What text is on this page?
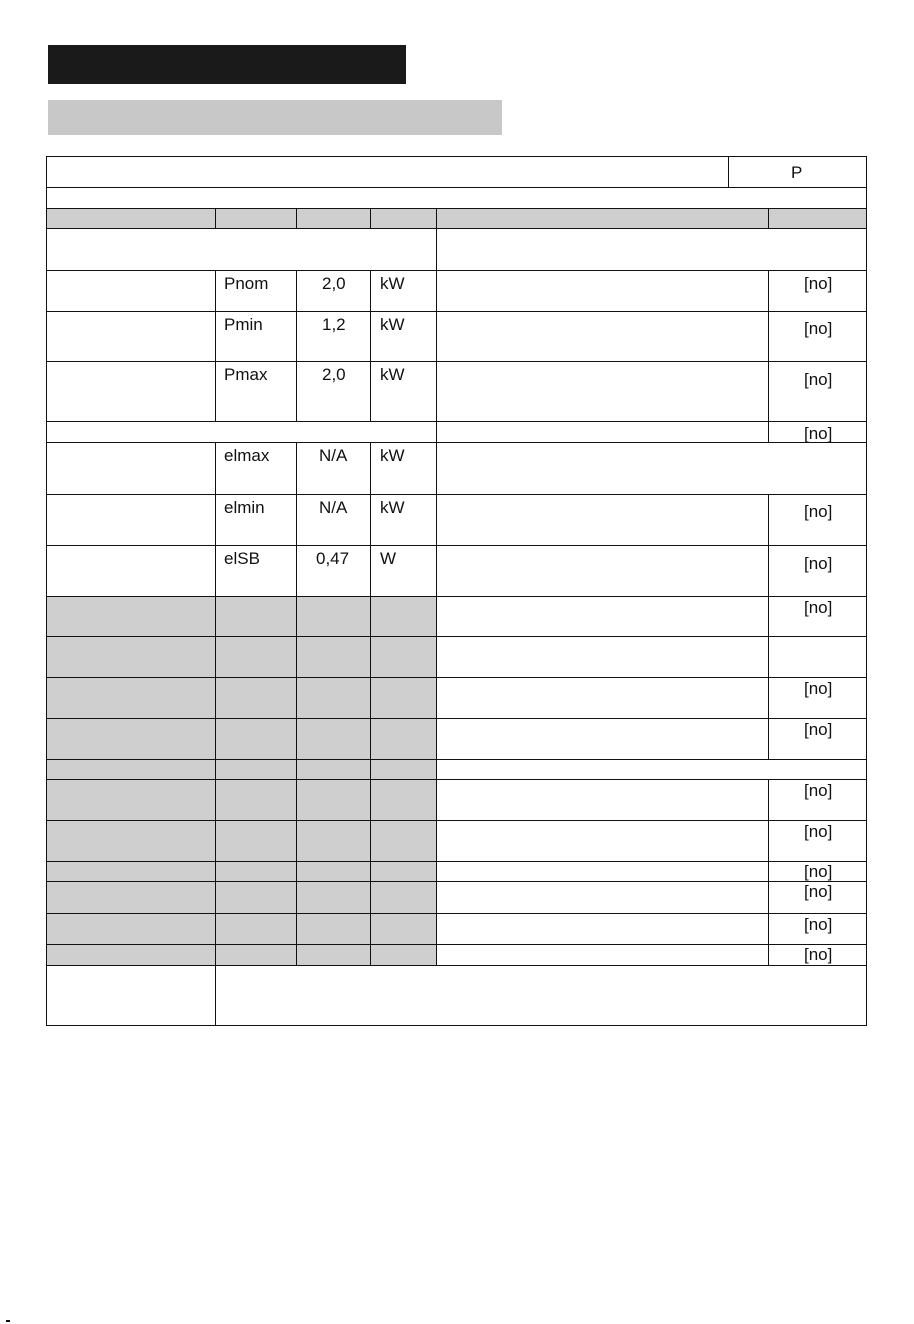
P
Pnom	2,0 kW	[no]
Pmin	1,2 kW	[no]
Pmax	2,0 kW	[no]
[no]
elmax	N/A kW
elmin	N/A kW	[no]
elSB	0,47 W	[no]
[no]
[no]
[no]
[no]
[no]
[no]
[no]
[no]
[no]
